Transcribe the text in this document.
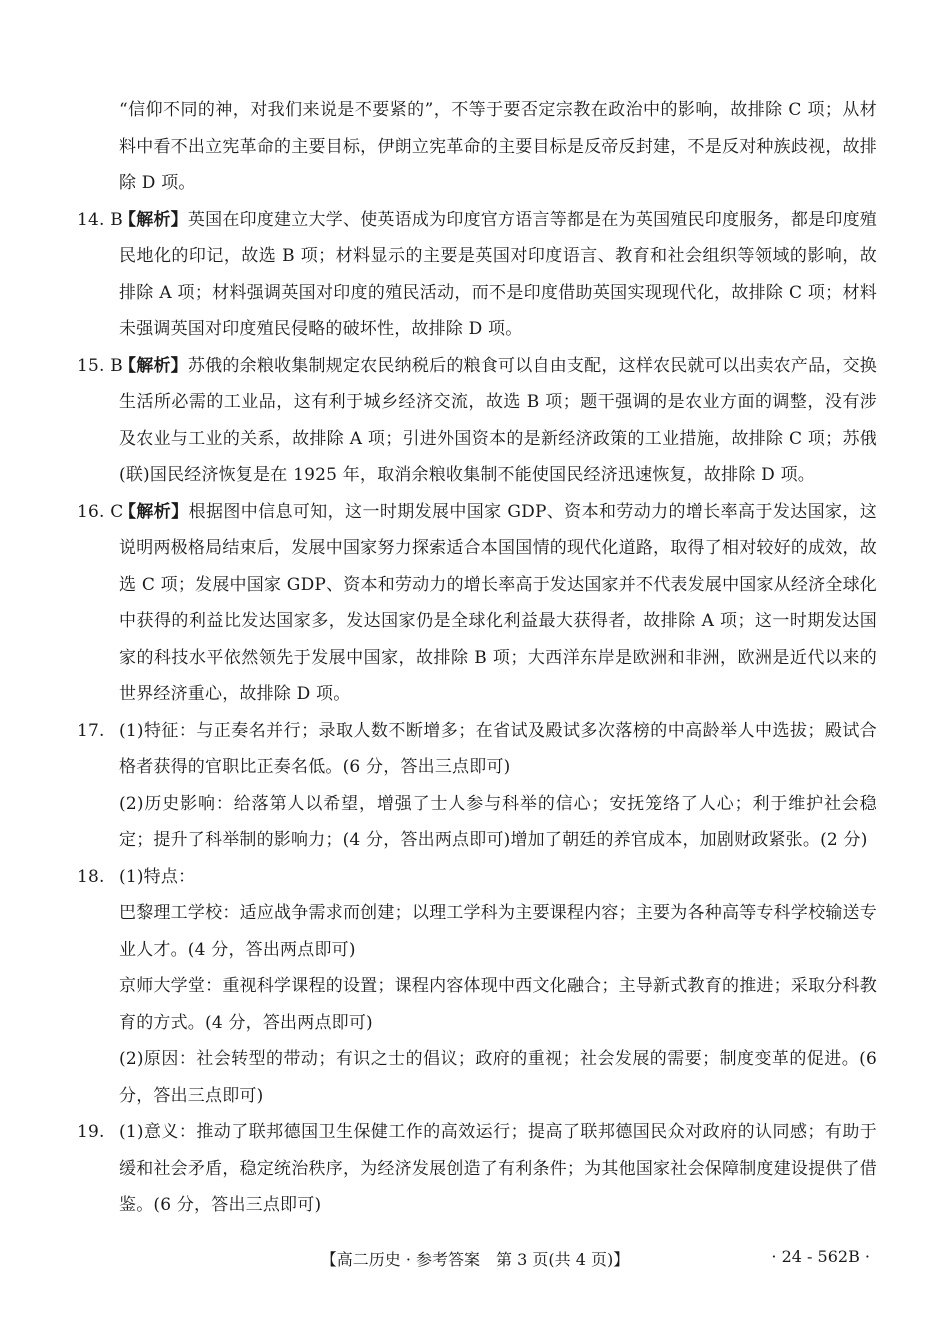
“信仰不同的神，对我们来说是不要紧的”，不等于要否定宗教在政治中的影响，故排除 C 项；从材料中看不出立宪革命的主要目标，伊朗立宪革命的主要目标是反帝反封建，不是反对种族歧视，故排除 D 项。

14. B
【解析】英国在印度建立大学、使英语成为印度官方语言等都是在为英国殖民印度服务，都是印度殖民地化的印记，故选 B 项；材料显示的主要是英国对印度语言、教育和社会组织等领域的影响，故排除 A 项；材料强调英国对印度的殖民活动，而不是印度借助英国实现现代化，故排除 C 项；材料未强调英国对印度殖民侵略的破坏性，故排除 D 项。

15. B
【解析】苏俄的余粮收集制规定农民纳税后的粮食可以自由支配，这样农民就可以出卖农产品，交换生活所必需的工业品，这有利于城乡经济交流，故选 B 项；题干强调的是农业方面的调整，没有涉及农业与工业的关系，故排除 A 项；引进外国资本的是新经济政策的工业措施，故排除 C 项；苏俄(联)国民经济恢复是在 1925 年，取消余粮收集制不能使国民经济迅速恢复，故排除 D 项。

16. C
【解析】根据图中信息可知，这一时期发展中国家 GDP、资本和劳动力的增长率高于发达国家，这说明两极格局结束后，发展中国家努力探索适合本国国情的现代化道路，取得了相对较好的成效，故选 C 项；发展中国家 GDP、资本和劳动力的增长率高于发达国家并不代表发展中国家从经济全球化中获得的利益比发达国家多，发达国家仍是全球化利益最大获得者，故排除 A 项；这一时期发达国家的科技水平依然领先于发展中国家，故排除 B 项；大西洋东岸是欧洲和非洲，欧洲是近代以来的世界经济重心，故排除 D 项。

17. (1)特征：与正奏名并行；录取人数不断增多；在省试及殿试多次落榜的中高龄举人中选拔；殿试合格者获得的官职比正奏名低。(6 分，答出三点即可)

(2)历史影响：给落第人以希望，增强了士人参与科举的信心；安抚笼络了人心；利于维护社会稳定；提升了科举制的影响力；(4 分，答出两点即可)增加了朝廷的养官成本，加剧财政紧张。(2 分)

18. (1)特点：

巴黎理工学校：适应战争需求而创建；以理工学科为主要课程内容；主要为各种高等专科学校输送专业人才。(4 分，答出两点即可)

京师大学堂：重视科学课程的设置；课程内容体现中西文化融合；主导新式教育的推进；采取分科教育的方式。(4 分，答出两点即可)

(2)原因：社会转型的带动；有识之士的倡议；政府的重视；社会发展的需要；制度变革的促进。(6 分，答出三点即可)

19. (1)意义：推动了联邦德国卫生保健工作的高效运行；提高了联邦德国民众对政府的认同感；有助于缓和社会矛盾，稳定统治秩序，为经济发展创造了有利条件；为其他国家社会保障制度建设提供了借鉴。(6 分，答出三点即可)

【高二历史 · 参考答案　第 3 页(共 4 页)】	· 24 - 562B ·
